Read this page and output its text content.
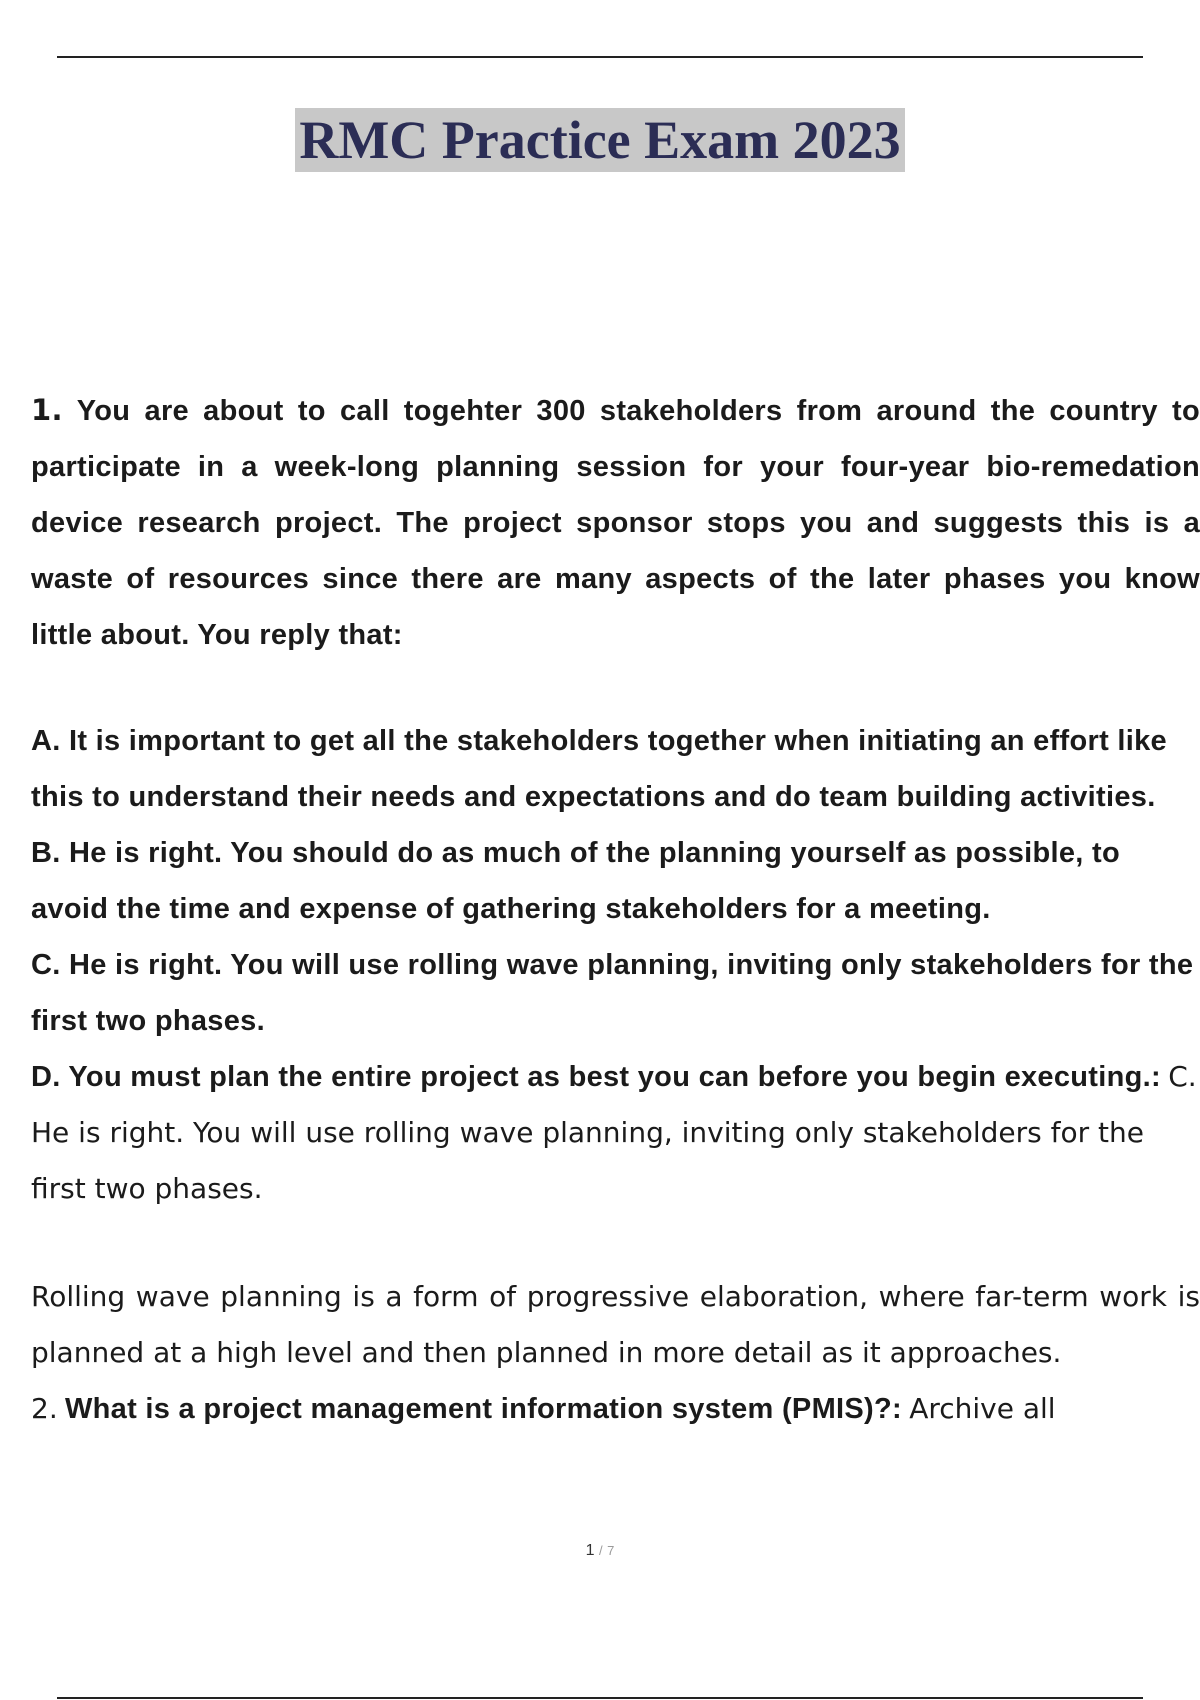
RMC Practice Exam 2023

1. You are about to call togehter 300 stakeholders from around the country to participate in a week-long planning session for your four-year bio-remedation device research project. The project sponsor stops you and suggests this is a waste of resources since there are many aspects of the later phases you know little about. You reply that:

A. It is important to get all the stakeholders together when initiating an effort like this to understand their needs and expectations and do team building activities.

B. He is right. You should do as much of the planning yourself as possible, to avoid the time and expense of gathering stakeholders for a meeting.

C. He is right. You will use rolling wave planning, inviting only stakeholders for the first two phases.

D. You must plan the entire project as best you can before you begin executing.: C. He is right. You will use rolling wave planning, inviting only stakeholders for the first two phases.

Rolling wave planning is a form of progressive elaboration, where far-term work is planned at a high level and then planned in more detail as it approaches.

2. What is a project management information system (PMIS)?: Archive all

1 / 7
